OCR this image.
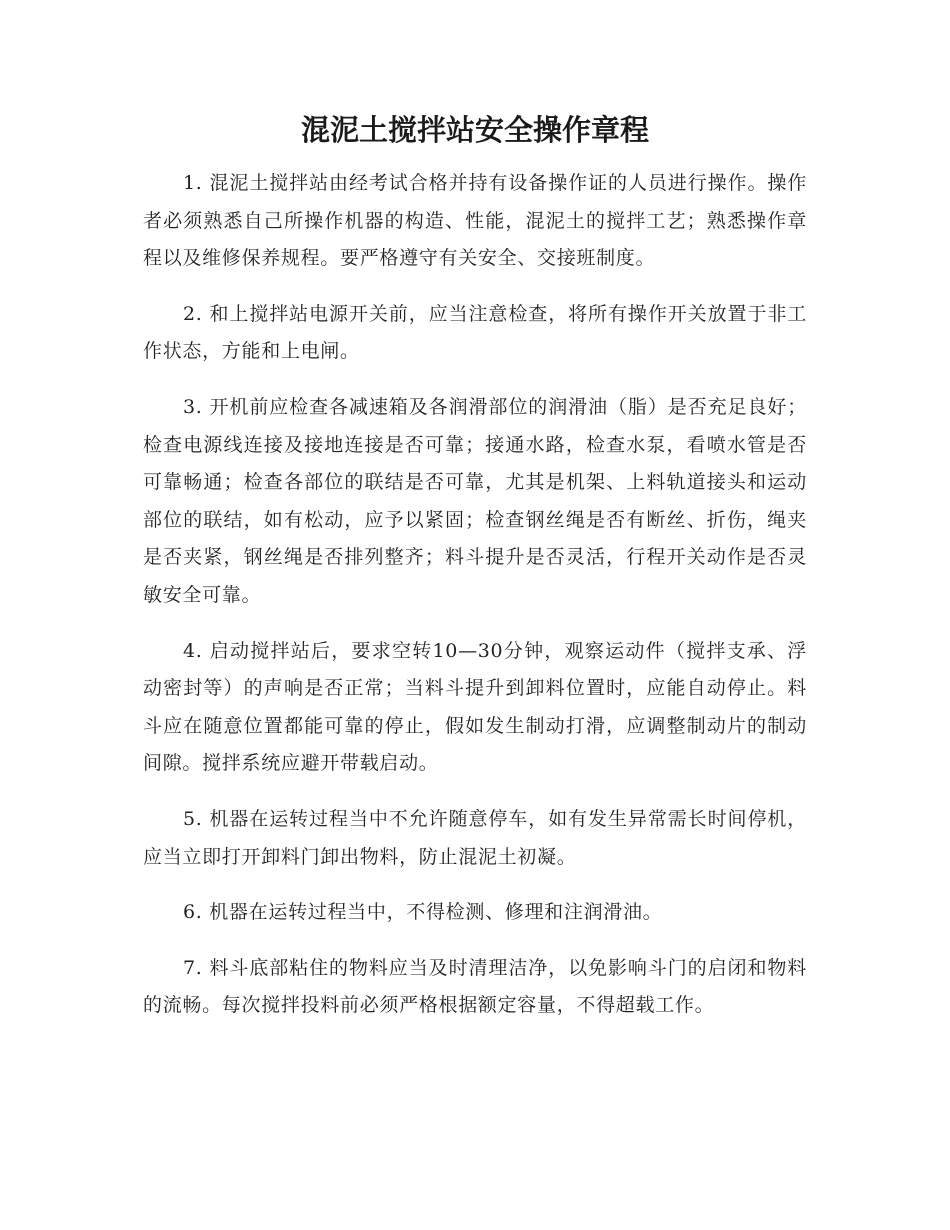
混泥土搅拌站安全操作章程

1. 混泥土搅拌站由经考试合格并持有设备操作证的人员进行操作。操作者必须熟悉自己所操作机器的构造、性能，混泥土的搅拌工艺；熟悉操作章程以及维修保养规程。要严格遵守有关安全、交接班制度。

2. 和上搅拌站电源开关前，应当注意检查，将所有操作开关放置于非工作状态，方能和上电闸。

3. 开机前应检查各减速箱及各润滑部位的润滑油（脂）是否充足良好；检查电源线连接及接地连接是否可靠；接通水路，检查水泵，看喷水管是否可靠畅通；检查各部位的联结是否可靠，尤其是机架、上料轨道接头和运动部位的联结，如有松动，应予以紧固；检查钢丝绳是否有断丝、折伤，绳夹是否夹紧，钢丝绳是否排列整齐；料斗提升是否灵活，行程开关动作是否灵敏安全可靠。

4. 启动搅拌站后，要求空转10—30分钟，观察运动件（搅拌支承、浮动密封等）的声响是否正常；当料斗提升到卸料位置时，应能自动停止。料斗应在随意位置都能可靠的停止，假如发生制动打滑，应调整制动片的制动间隙。搅拌系统应避开带载启动。

5. 机器在运转过程当中不允许随意停车，如有发生异常需长时间停机，应当立即打开卸料门卸出物料，防止混泥土初凝。

6. 机器在运转过程当中，不得检测、修理和注润滑油。

7. 料斗底部粘住的物料应当及时清理洁净，以免影响斗门的启闭和物料的流畅。每次搅拌投料前必须严格根据额定容量，不得超载工作。
